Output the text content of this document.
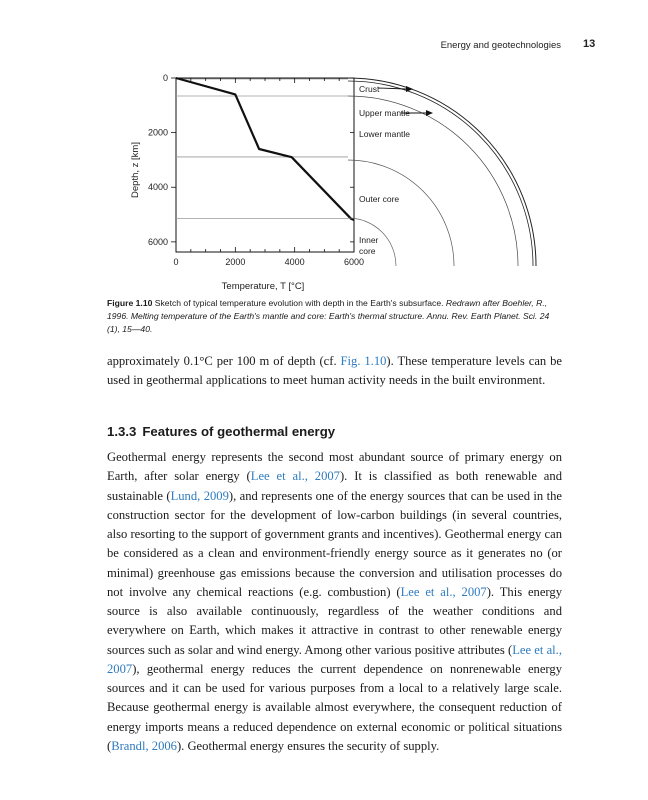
Energy and geotechnologies 13
0	2000	4000	6000
0
2000
4000
6000
Crust
Upper mantle
Lower mantle
Outer core
Inner
core
Temperature, T [°C]
Depth, z [km]
Figure 1.10 Sketch of typical temperature evolution with depth in the Earth's subsurface. Redrawn after Boehler, R., 1996. Melting temperature of the Earth's mantle and core: Earth's thermal structure. Annu. Rev. Earth Planet. Sci. 24 (1), 15—40.
approximately 0.1°C per 100 m of depth (cf. Fig. 1.10). These temperature levels can be used in geothermal applications to meet human activity needs in the built environment.
1.3.3 Features of geothermal energy
Geothermal energy represents the second most abundant source of primary energy on Earth, after solar energy (Lee et al., 2007). It is classified as both renewable and sustainable (Lund, 2009), and represents one of the energy sources that can be used in the construction sector for the development of low-carbon buildings (in several countries, also resorting to the support of government grants and incentives). Geothermal energy can be considered as a clean and environment-friendly energy source as it generates no (or minimal) greenhouse gas emissions because the conversion and utilisation processes do not involve any chemical reactions (e.g. combustion) (Lee et al., 2007). This energy source is also available continuously, regardless of the weather conditions and everywhere on Earth, which makes it attractive in contrast to other renewable energy sources such as solar and wind energy. Among other various positive attributes (Lee et al., 2007), geothermal energy reduces the current dependence on nonrenewable energy sources and it can be used for various purposes from a local to a relatively large scale. Because geothermal energy is available almost everywhere, the consequent reduction of energy imports means a reduced dependence on external economic or political situations (Brandl, 2006). Geothermal energy ensures the security of supply.
